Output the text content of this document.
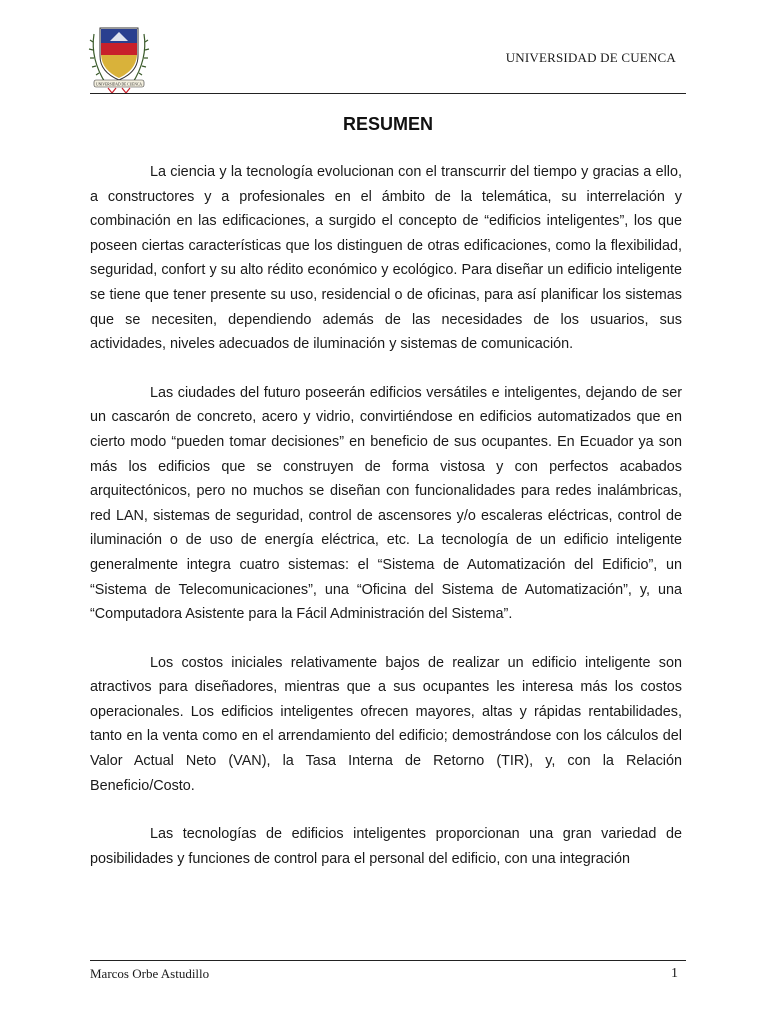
UNIVERSIDAD DE CUENCA
UNIVERSIDAD DE CUENCA
RESUMEN

La ciencia y la tecnología evolucionan con el transcurrir del tiempo y gracias a ello, a constructores y a profesionales en el ámbito de la telemática, su interrelación y combinación en las edificaciones, a surgido el concepto de “edificios inteligentes”, los que poseen ciertas características que los distinguen de otras edificaciones, como la flexibilidad, seguridad, confort y su alto rédito económico y ecológico. Para diseñar un edificio inteligente se tiene que tener presente su uso, residencial o de oficinas, para así planificar los sistemas que se necesiten, dependiendo además de las necesidades de los usuarios, sus actividades, niveles adecuados de iluminación y sistemas de comunicación.

Las ciudades del futuro poseerán edificios versátiles e inteligentes, dejando de ser un cascarón de concreto, acero y vidrio, convirtiéndose en edificios automatizados que en cierto modo “pueden tomar decisiones” en beneficio de sus ocupantes. En Ecuador ya son más los edificios que se construyen de forma vistosa y con perfectos acabados arquitectónicos, pero no muchos se diseñan con funcionalidades para redes inalámbricas, red LAN, sistemas de seguridad, control de ascensores y/o escaleras eléctricas, control de iluminación o de uso de energía eléctrica, etc. La tecnología de un edificio inteligente generalmente integra cuatro sistemas: el “Sistema de Automatización del Edificio”, un “Sistema de Telecomunicaciones”, una “Oficina del Sistema de Automatización”, y, una “Computadora Asistente para la Fácil Administración del Sistema”.

Los costos iniciales relativamente bajos de realizar un edificio inteligente son atractivos para diseñadores, mientras que a sus ocupantes les interesa más los costos operacionales. Los edificios inteligentes ofrecen mayores, altas y rápidas rentabilidades, tanto en la venta como en el arrendamiento del edificio; demostrándose con los cálculos del Valor Actual Neto (VAN), la Tasa Interna de Retorno (TIR), y, con la Relación Beneficio/Costo.

Las tecnologías de edificios inteligentes proporcionan una gran variedad de posibilidades y funciones de control para el personal del edificio, con una integración

Marcos Orbe Astudillo	1
